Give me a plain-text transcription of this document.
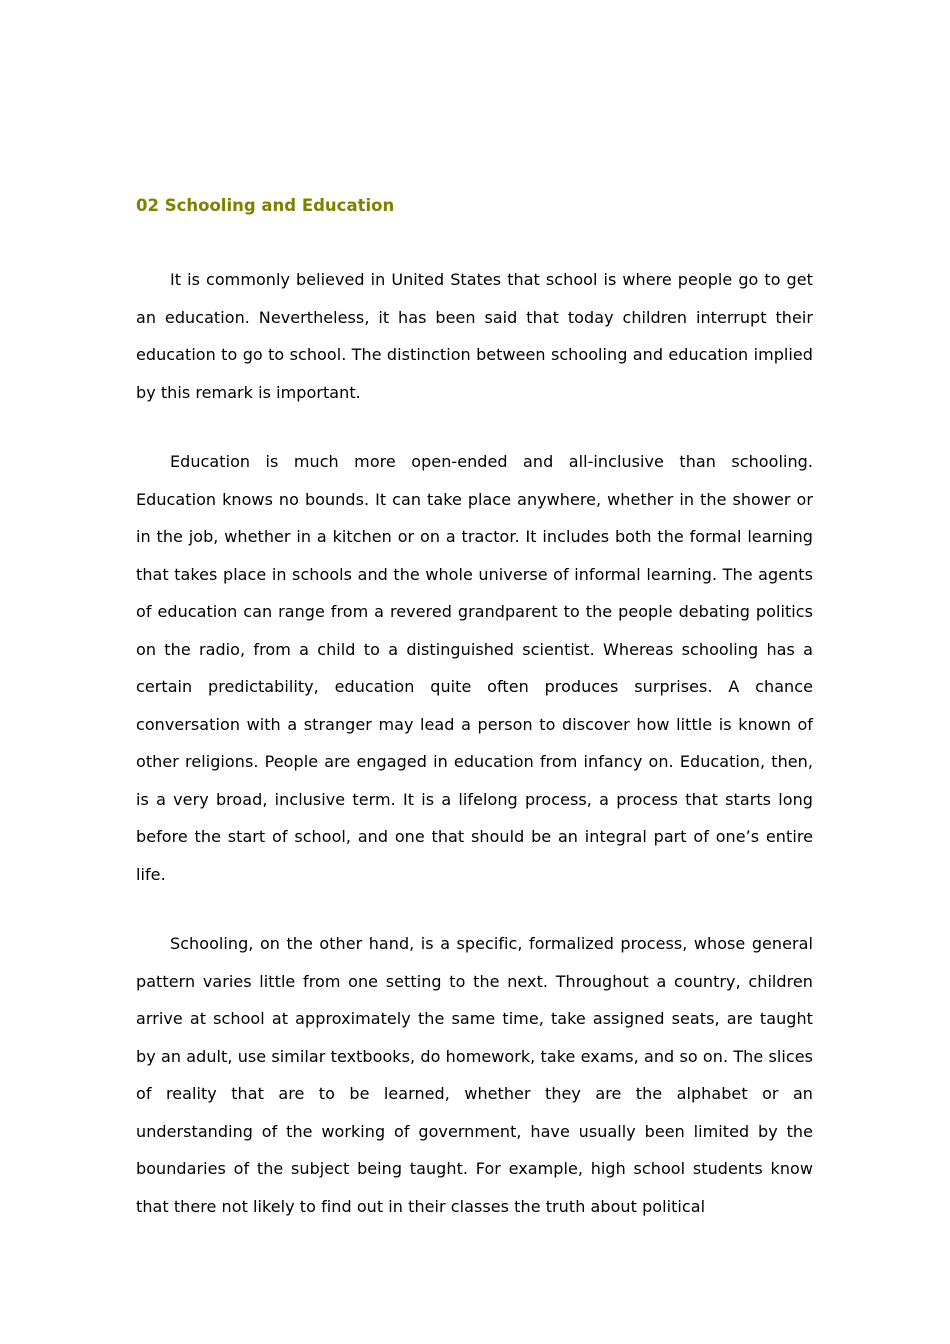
02 Schooling and Education

It is commonly believed in United States that school is where people go to get an education. Nevertheless, it has been said that today children interrupt their education to go to school. The distinction between schooling and education implied by this remark is important.

Education is much more open-ended and all-inclusive than schooling. Education knows no bounds. It can take place anywhere, whether in the shower or in the job, whether in a kitchen or on a tractor. It includes both the formal learning that takes place in schools and the whole universe of informal learning. The agents of education can range from a revered grandparent to the people debating politics on the radio, from a child to a distinguished scientist. Whereas schooling has a certain predictability, education quite often produces surprises. A chance conversation with a stranger may lead a person to discover how little is known of other religions. People are engaged in education from infancy on. Education, then, is a very broad, inclusive term. It is a lifelong process, a process that starts long before the start of school, and one that should be an integral part of one’s entire life.

Schooling, on the other hand, is a specific, formalized process, whose general pattern varies little from one setting to the next. Throughout a country, children arrive at school at approximately the same time, take assigned seats, are taught by an adult, use similar textbooks, do homework, take exams, and so on. The slices of reality that are to be learned, whether they are the alphabet or an understanding of the working of government, have usually been limited by the boundaries of the subject being taught. For example, high school students know that there not likely to find out in their classes the truth about political
